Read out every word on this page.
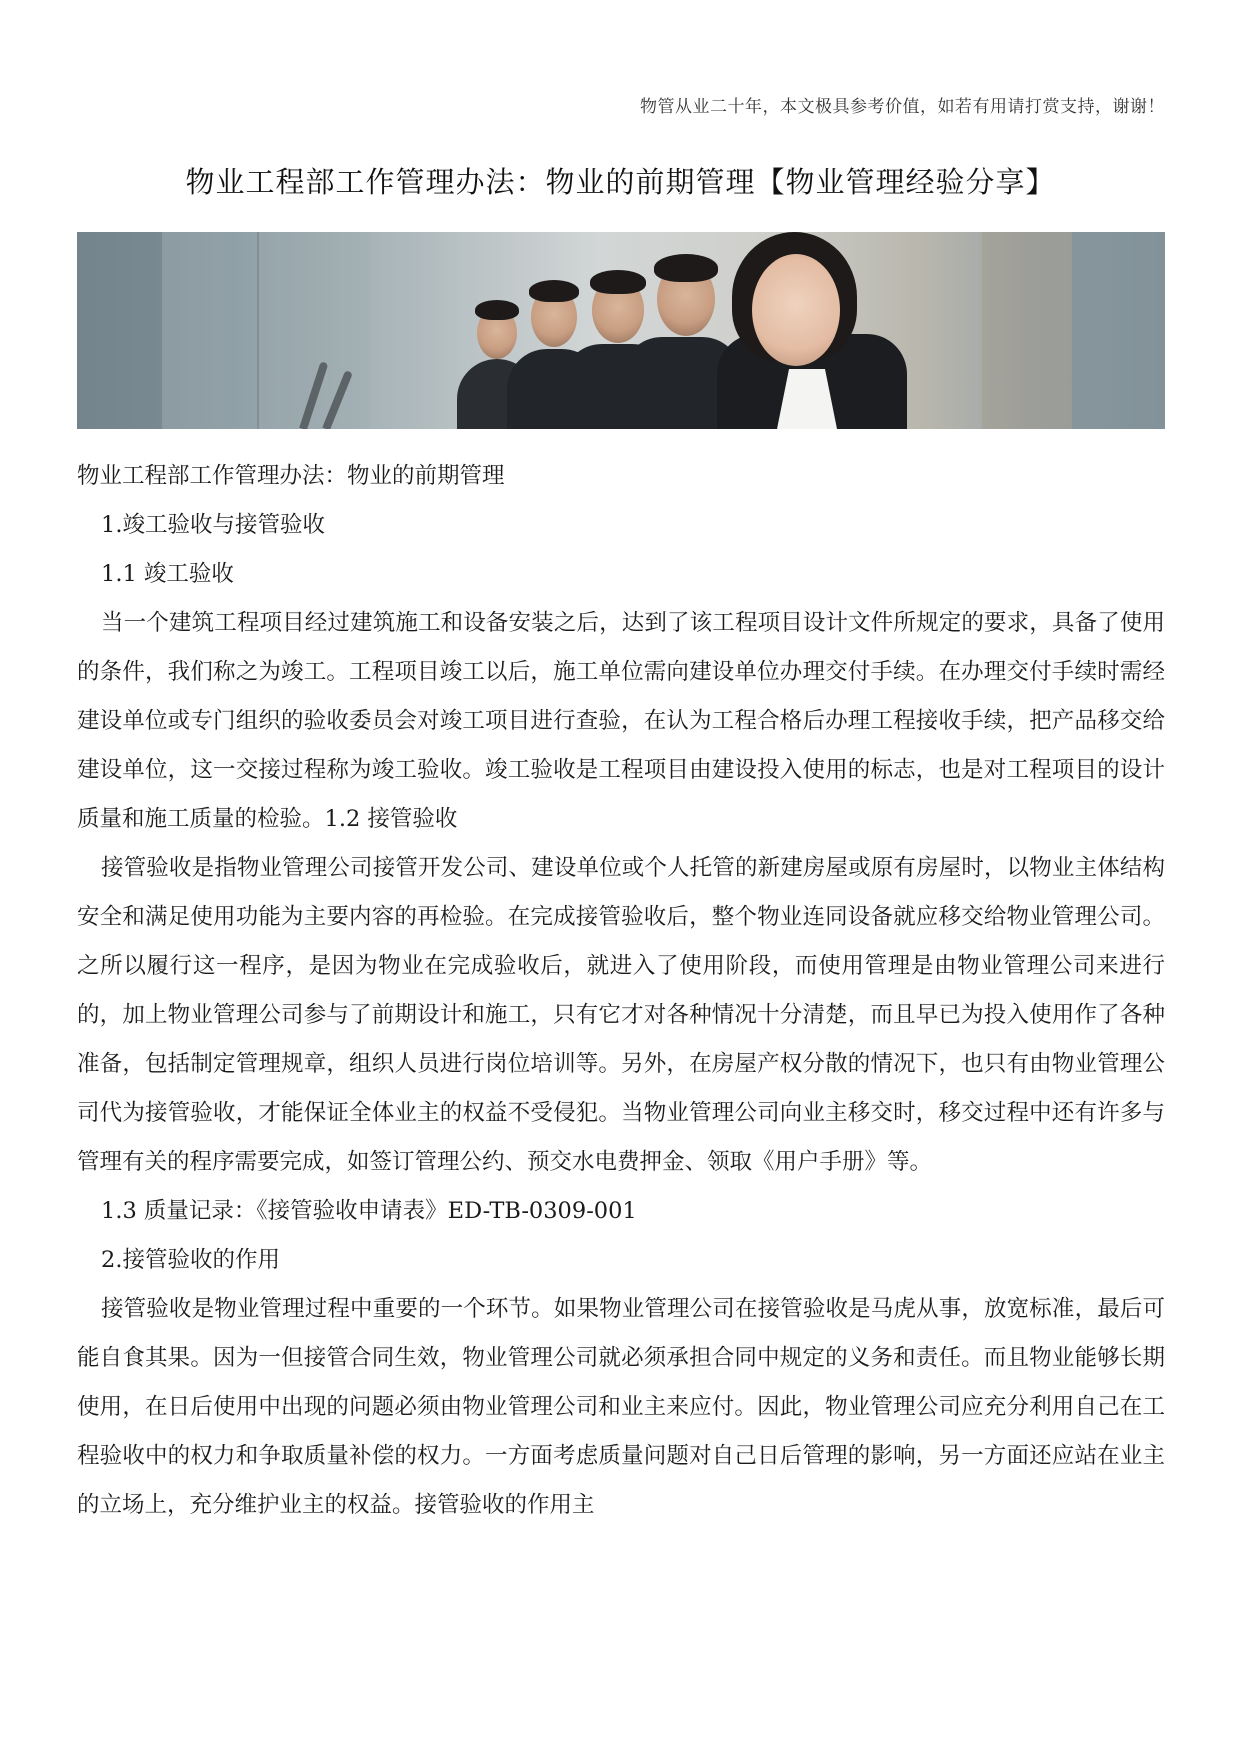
物管从业二十年，本文极具参考价值，如若有用请打赏支持，谢谢！
物业工程部工作管理办法：物业的前期管理【物业管理经验分享】

物业工程部工作管理办法：物业的前期管理

1.竣工验收与接管验收

1.1 竣工验收

当一个建筑工程项目经过建筑施工和设备安装之后，达到了该工程项目设计文件所规定的要求，具备了使用的条件，我们称之为竣工。工程项目竣工以后，施工单位需向建设单位办理交付手续。在办理交付手续时需经建设单位或专门组织的验收委员会对竣工项目进行查验，在认为工程合格后办理工程接收手续，把产品移交给建设单位，这一交接过程称为竣工验收。竣工验收是工程项目由建设投入使用的标志，也是对工程项目的设计质量和施工质量的检验。1.2 接管验收

接管验收是指物业管理公司接管开发公司、建设单位或个人托管的新建房屋或原有房屋时，以物业主体结构安全和满足使用功能为主要内容的再检验。在完成接管验收后，整个物业连同设备就应移交给物业管理公司。之所以履行这一程序，是因为物业在完成验收后，就进入了使用阶段，而使用管理是由物业管理公司来进行的，加上物业管理公司参与了前期设计和施工，只有它才对各种情况十分清楚，而且早已为投入使用作了各种准备，包括制定管理规章，组织人员进行岗位培训等。另外，在房屋产权分散的情况下，也只有由物业管理公司代为接管验收，才能保证全体业主的权益不受侵犯。当物业管理公司向业主移交时，移交过程中还有许多与管理有关的程序需要完成，如签订管理公约、预交水电费押金、领取《用户手册》等。

1.3 质量记录：《接管验收申请表》ED-TB-0309-001

2.接管验收的作用

接管验收是物业管理过程中重要的一个环节。如果物业管理公司在接管验收是马虎从事，放宽标准，最后可能自食其果。因为一但接管合同生效，物业管理公司就必须承担合同中规定的义务和责任。而且物业能够长期使用，在日后使用中出现的问题必须由物业管理公司和业主来应付。因此，物业管理公司应充分利用自己在工程验收中的权力和争取质量补偿的权力。一方面考虑质量问题对自己日后管理的影响，另一方面还应站在业主的立场上，充分维护业主的权益。接管验收的作用主
